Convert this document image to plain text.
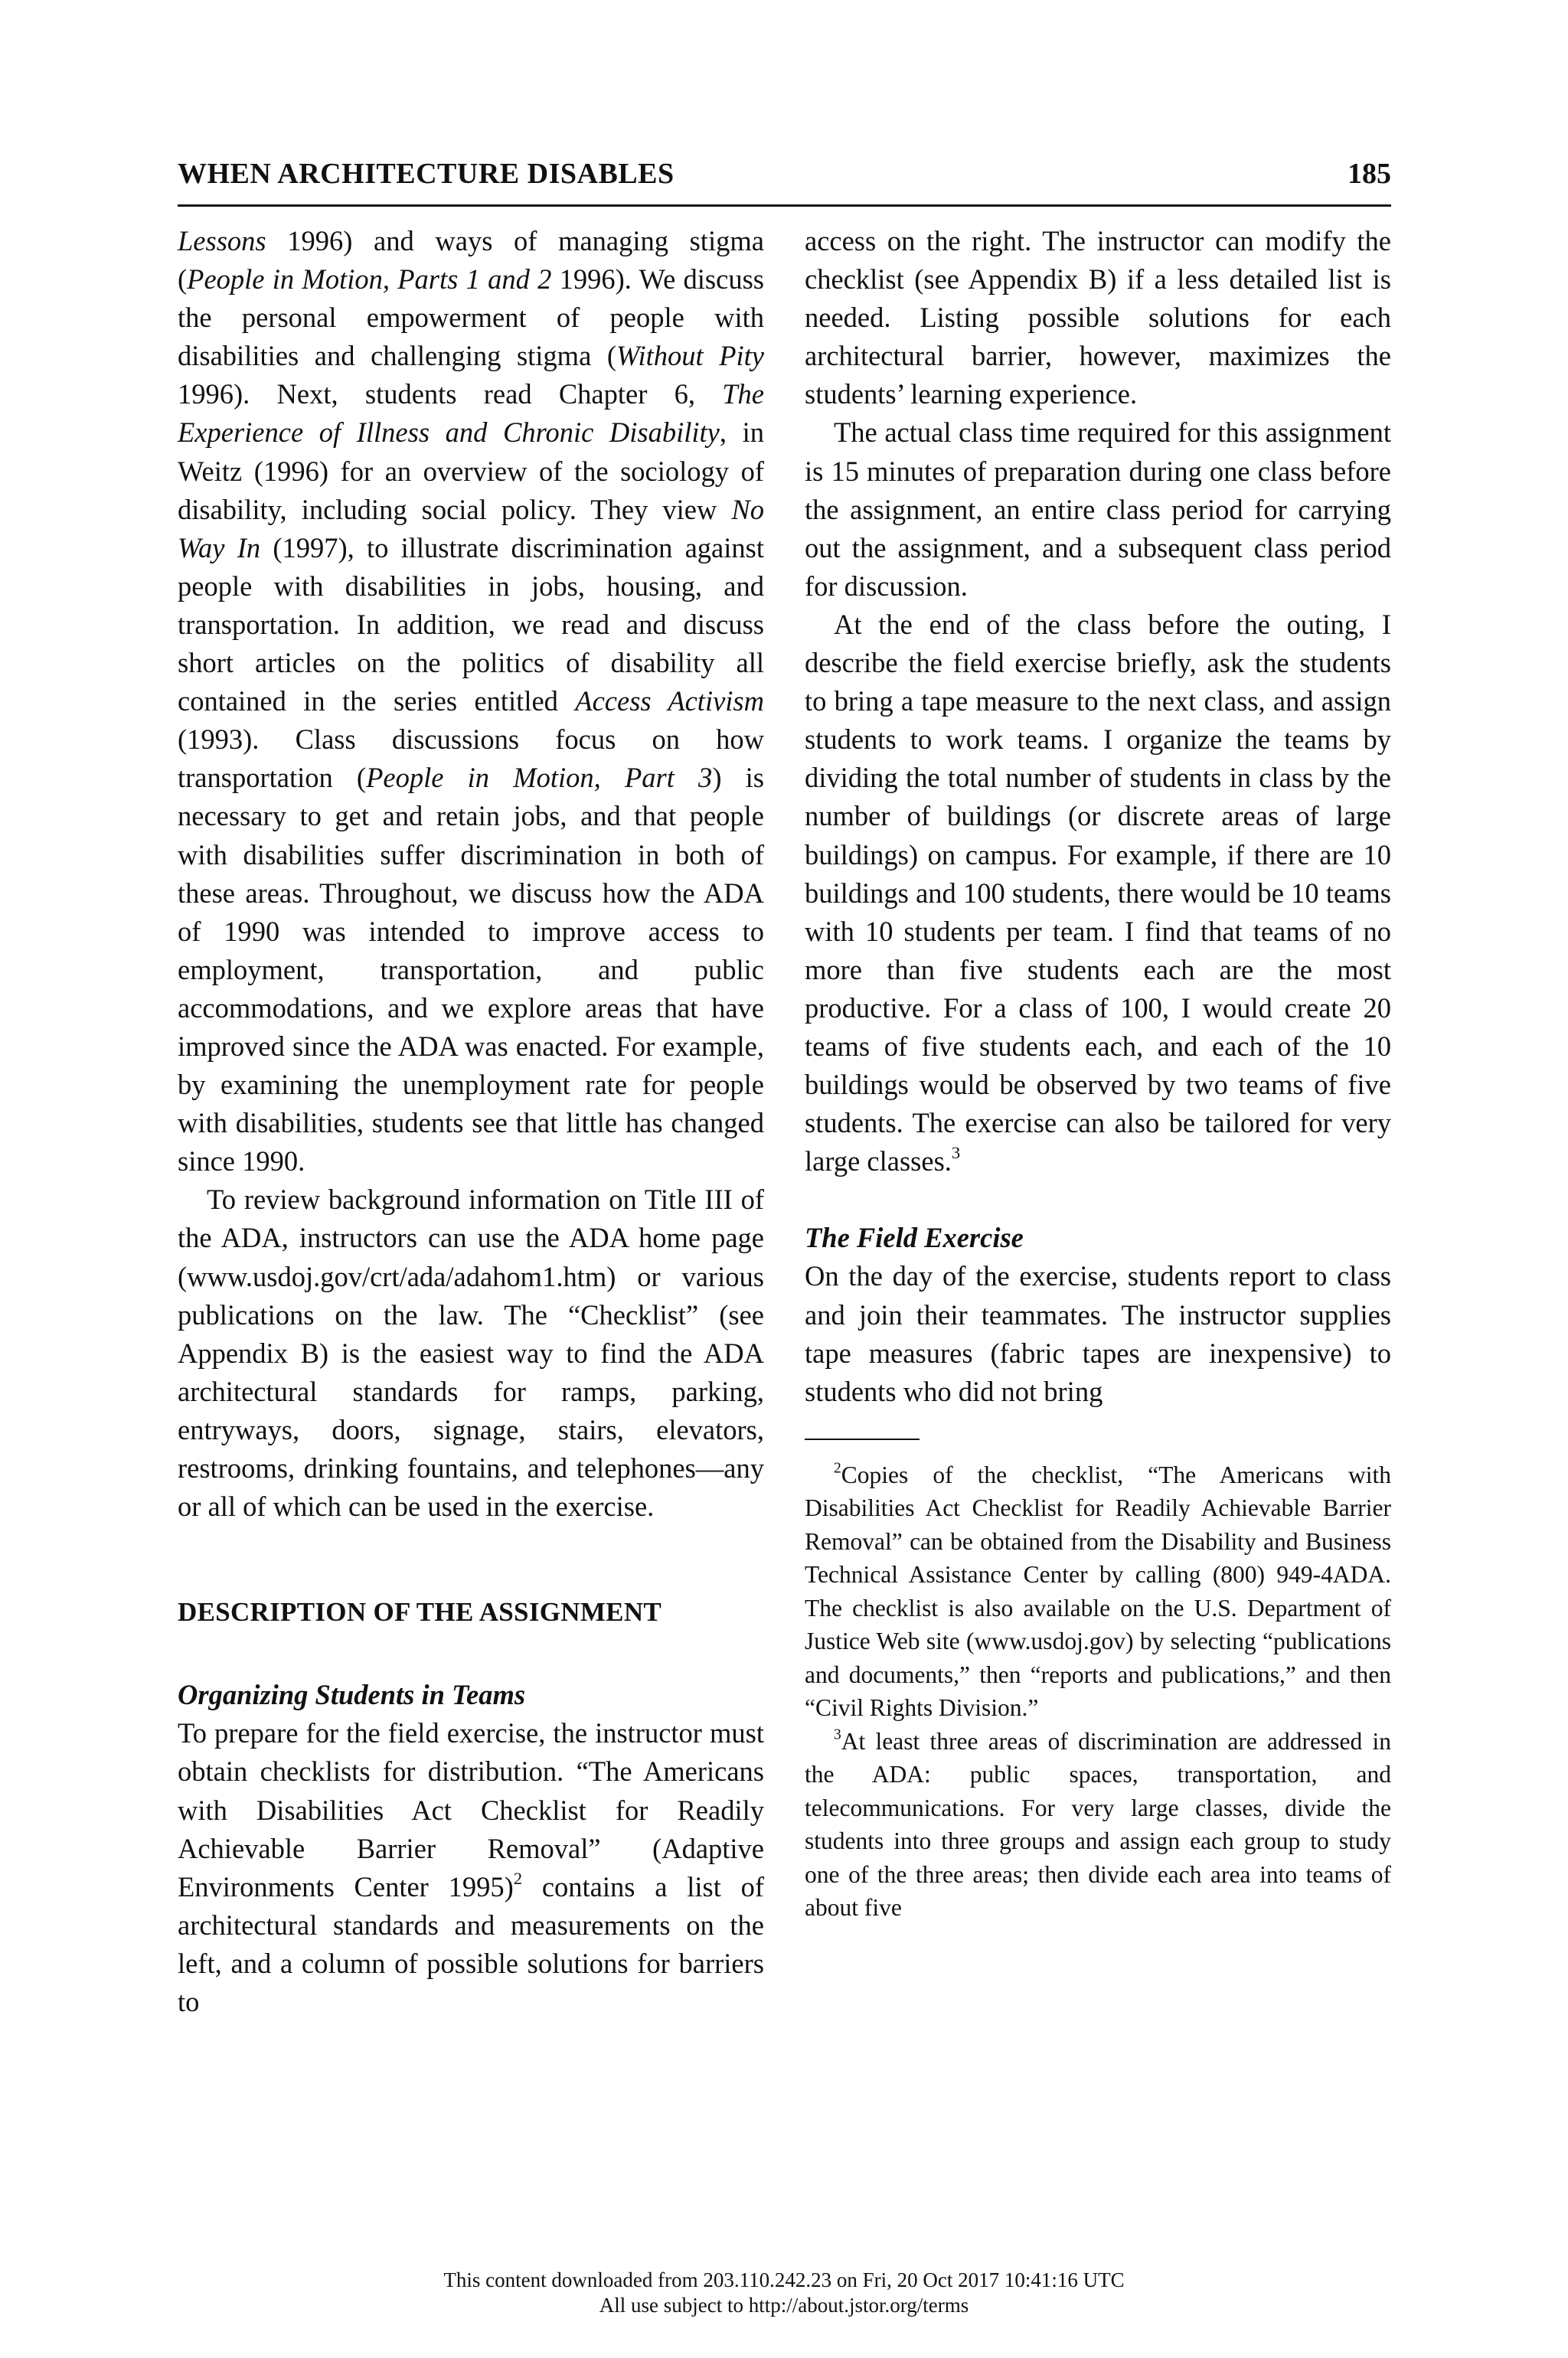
WHEN ARCHITECTURE DISABLES	185

Lessons 1996) and ways of managing stigma (People in Motion, Parts 1 and 2 1996). We discuss the personal empowerment of people with disabilities and challenging stigma (Without Pity 1996). Next, students read Chapter 6, The Experience of Illness and Chronic Disability, in Weitz (1996) for an overview of the sociology of disability, including social policy. They view No Way In (1997), to illustrate discrimination against people with disabilities in jobs, housing, and transportation. In addition, we read and discuss short articles on the politics of disability all contained in the series entitled Access Activism (1993). Class discussions focus on how transportation (People in Motion, Part 3) is necessary to get and retain jobs, and that people with disabilities suffer discrimination in both of these areas. Throughout, we discuss how the ADA of 1990 was intended to improve access to employment, transportation, and public accommodations, and we explore areas that have improved since the ADA was enacted. For example, by examining the unemployment rate for people with disabilities, students see that little has changed since 1990.

To review background information on Title III of the ADA, instructors can use the ADA home page (www.usdoj.gov/crt/ada/adahom1.htm) or various publications on the law. The “Checklist” (see Appendix B) is the easiest way to find the ADA architectural standards for ramps, parking, entryways, doors, signage, stairs, elevators, restrooms, drinking fountains, and telephones—any or all of which can be used in the exercise.

DESCRIPTION OF THE ASSIGNMENT

Organizing Students in Teams

To prepare for the field exercise, the instructor must obtain checklists for distribution. “The Americans with Disabilities Act Checklist for Readily Achievable Barrier Removal” (Adaptive Environments Center 1995)$^2$ contains a list of architectural standards and measurements on the left, and a column of possible solutions for barriers to

access on the right. The instructor can modify the checklist (see Appendix B) if a less detailed list is needed. Listing possible solutions for each architectural barrier, however, maximizes the students’ learning experience.

The actual class time required for this assignment is 15 minutes of preparation during one class before the assignment, an entire class period for carrying out the assignment, and a subsequent class period for discussion.

At the end of the class before the outing, I describe the field exercise briefly, ask the students to bring a tape measure to the next class, and assign students to work teams. I organize the teams by dividing the total number of students in class by the number of buildings (or discrete areas of large buildings) on campus. For example, if there are 10 buildings and 100 students, there would be 10 teams with 10 students per team. I find that teams of no more than five students each are the most productive. For a class of 100, I would create 20 teams of five students each, and each of the 10 buildings would be observed by two teams of five students. The exercise can also be tailored for very large classes.$^3$

The Field Exercise

On the day of the exercise, students report to class and join their teammates. The instructor supplies tape measures (fabric tapes are inexpensive) to students who did not bring

$^2$Copies of the checklist, “The Americans with Disabilities Act Checklist for Readily Achievable Barrier Removal” can be obtained from the Disability and Business Technical Assistance Center by calling (800) 949-4ADA. The checklist is also available on the U.S. Department of Justice Web site (www.usdoj.gov) by selecting “publications and documents,” then “reports and publications,” and then “Civil Rights Division.”

$^3$At least three areas of discrimination are addressed in the ADA: public spaces, transportation, and telecommunications. For very large classes, divide the students into three groups and assign each group to study one of the three areas; then divide each area into teams of about five

This content downloaded from 203.110.242.23 on Fri, 20 Oct 2017 10:41:16 UTC
All use subject to http://about.jstor.org/terms
